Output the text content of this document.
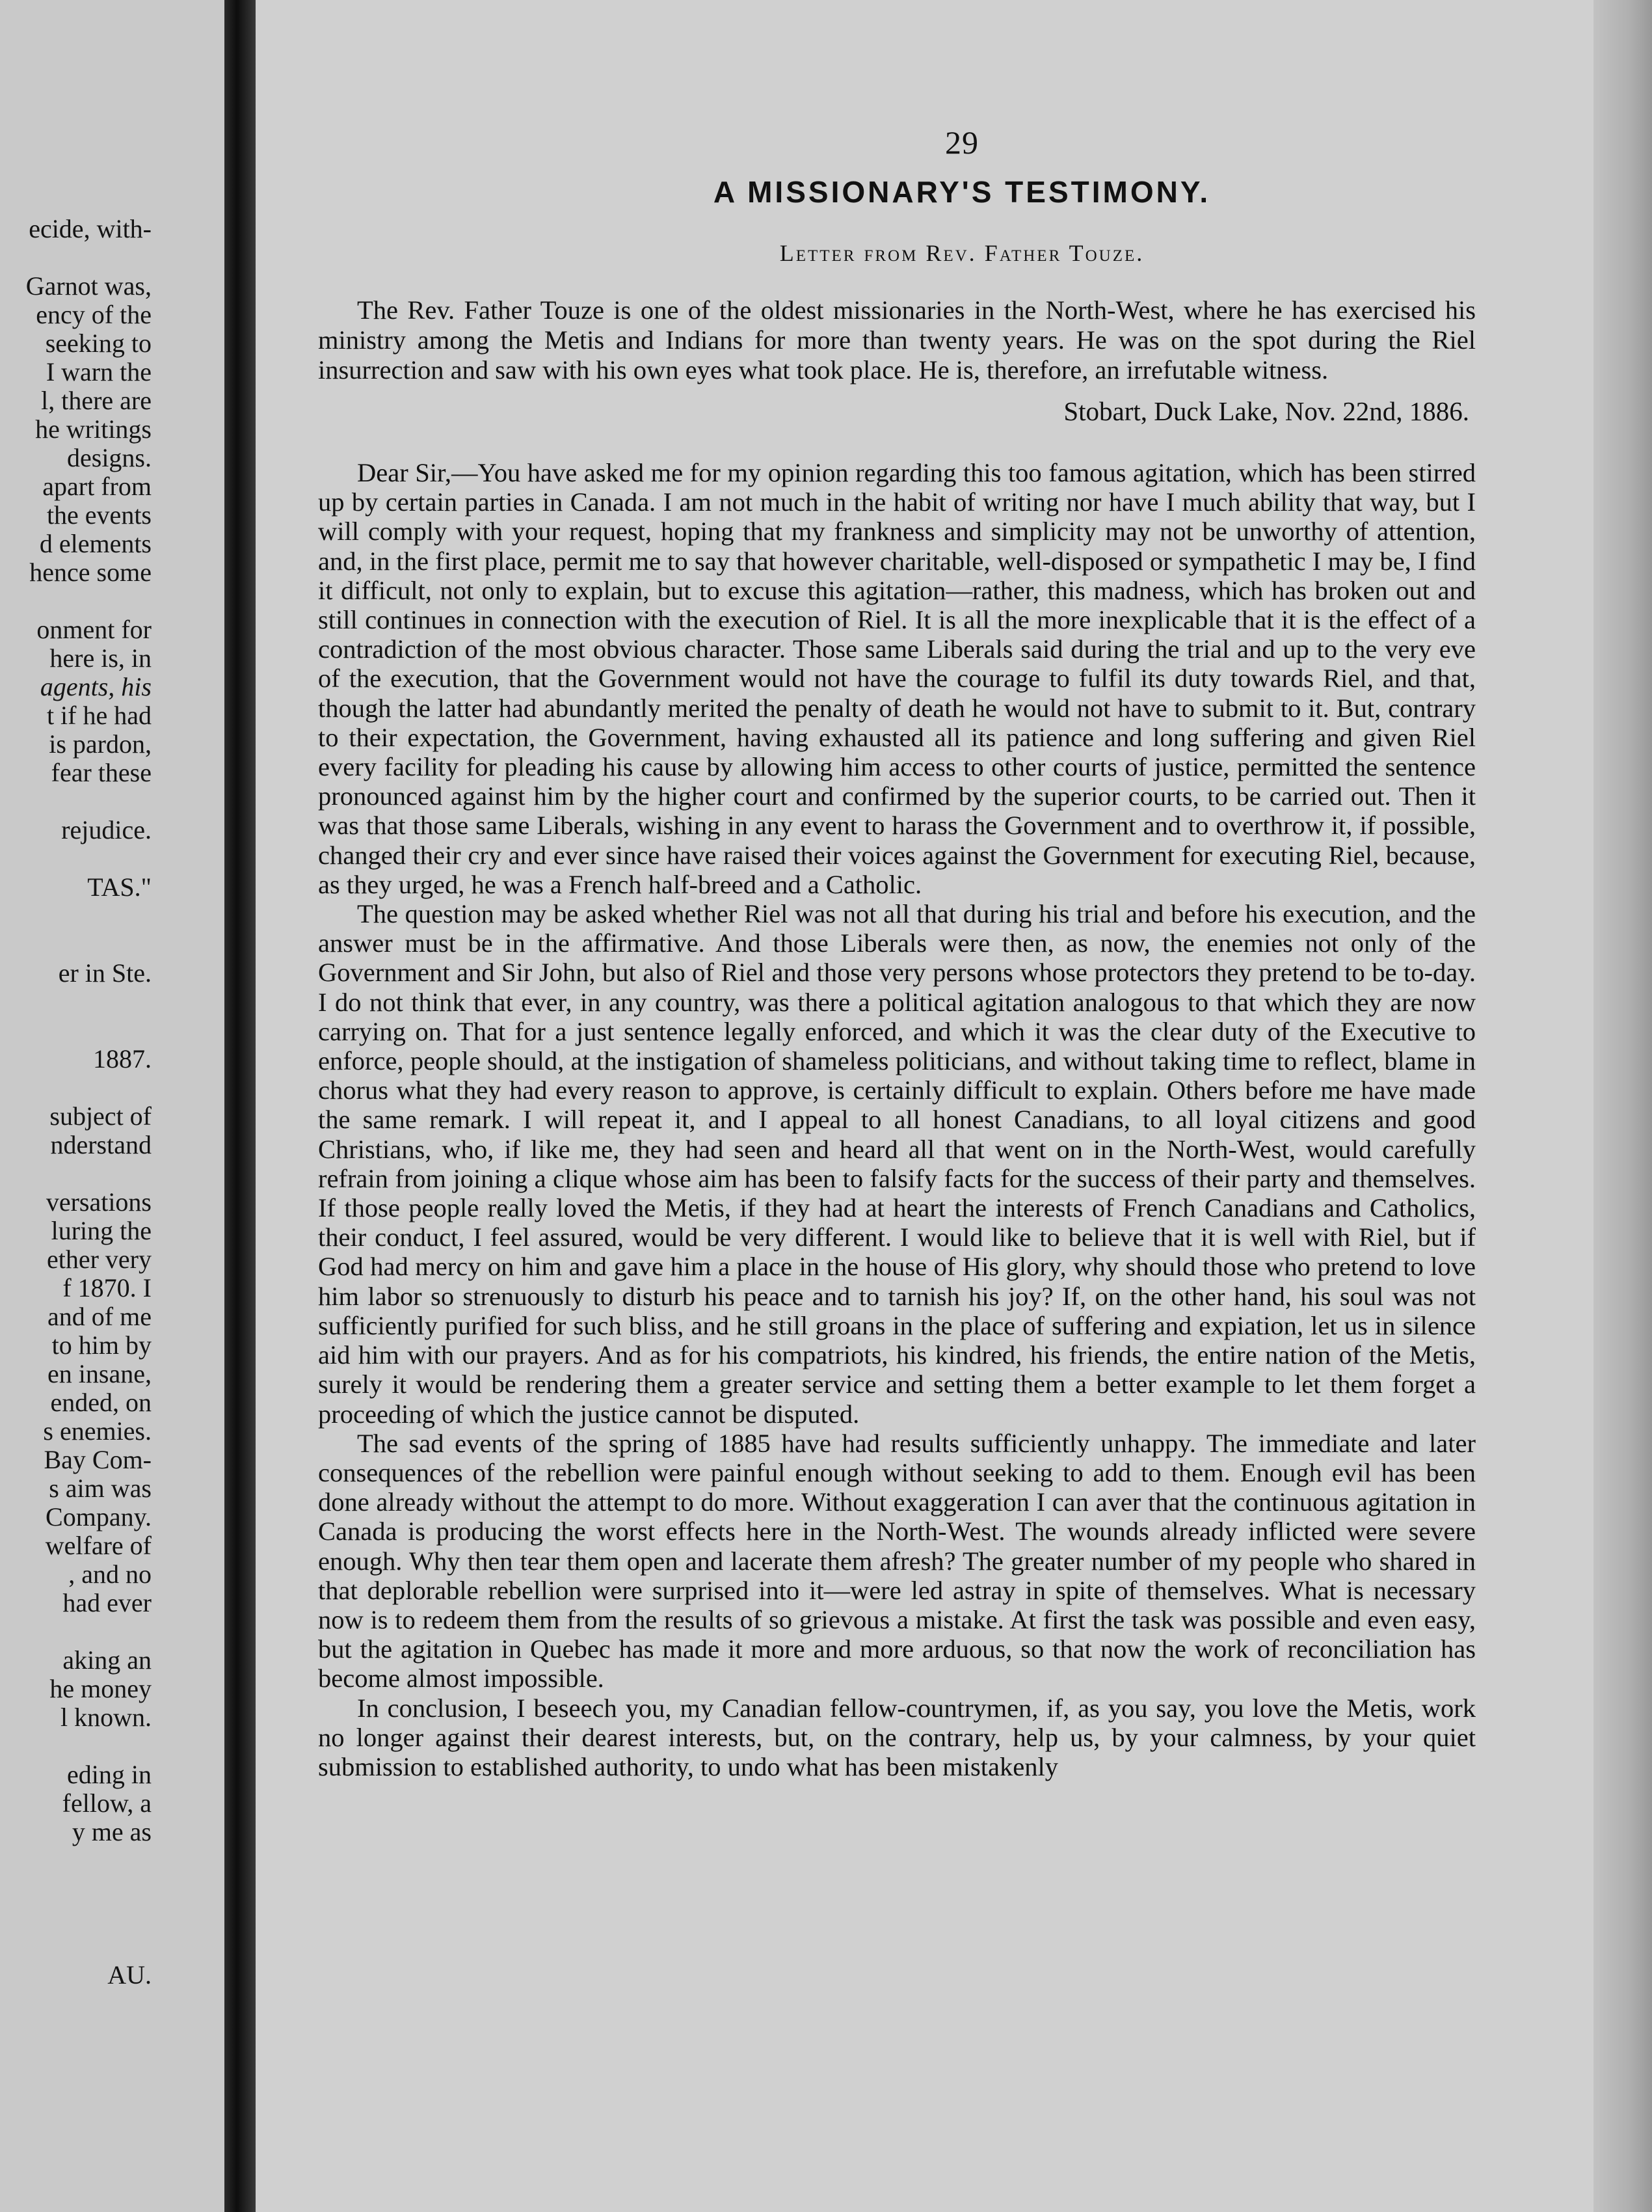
ecide, with-
Garnot was,
ency of the
seeking to
I warn the
l, there are
he writings
designs.
apart from
the events
d elements
hence some
onment for
here is, in
agents, his
t if he had
is pardon,
fear these
rejudice.
TAS."
er in Ste.
1887.
subject of
nderstand
versations
luring the
ether very
f 1870. I
and of me
to him by
en insane,
ended, on
s enemies.
Bay Com-
s aim was
Company.
welfare of
, and no
had ever
aking an
he money
l known.
eding in
fellow, a
y me as
AU.
29
A MISSIONARY'S TESTIMONY.
Letter from Rev. Father Touze.
The Rev. Father Touze is one of the oldest missionaries in the North-West, where he has exercised his ministry among the Metis and Indians for more than twenty years. He was on the spot during the Riel insurrection and saw with his own eyes what took place. He is, therefore, an irrefutable witness.
Stobart, Duck Lake, Nov. 22nd, 1886.

Dear Sir,—You have asked me for my opinion regarding this too famous agitation, which has been stirred up by certain parties in Canada. I am not much in the habit of writing nor have I much ability that way, but I will comply with your request, hoping that my frankness and simplicity may not be unworthy of attention, and, in the first place, permit me to say that however charitable, well-disposed or sympathetic I may be, I find it difficult, not only to explain, but to excuse this agitation—rather, this madness, which has broken out and still continues in connection with the execution of Riel. It is all the more inexplicable that it is the effect of a contradiction of the most obvious character. Those same Liberals said during the trial and up to the very eve of the execution, that the Government would not have the courage to fulfil its duty towards Riel, and that, though the latter had abundantly merited the penalty of death he would not have to submit to it. But, contrary to their expectation, the Government, having exhausted all its patience and long suffering and given Riel every facility for pleading his cause by allowing him access to other courts of justice, permitted the sentence pronounced against him by the higher court and confirmed by the superior courts, to be carried out. Then it was that those same Liberals, wishing in any event to harass the Government and to overthrow it, if possible, changed their cry and ever since have raised their voices against the Government for executing Riel, because, as they urged, he was a French half-breed and a Catholic.

The question may be asked whether Riel was not all that during his trial and before his execution, and the answer must be in the affirmative. And those Liberals were then, as now, the enemies not only of the Government and Sir John, but also of Riel and those very persons whose protectors they pretend to be to-day. I do not think that ever, in any country, was there a political agitation analogous to that which they are now carrying on. That for a just sentence legally enforced, and which it was the clear duty of the Executive to enforce, people should, at the instigation of shameless politicians, and without taking time to reflect, blame in chorus what they had every reason to approve, is certainly difficult to explain. Others before me have made the same remark. I will repeat it, and I appeal to all honest Canadians, to all loyal citizens and good Christians, who, if like me, they had seen and heard all that went on in the North-West, would carefully refrain from joining a clique whose aim has been to falsify facts for the success of their party and themselves. If those people really loved the Metis, if they had at heart the interests of French Canadians and Catholics, their conduct, I feel assured, would be very different. I would like to believe that it is well with Riel, but if God had mercy on him and gave him a place in the house of His glory, why should those who pretend to love him labor so strenuously to disturb his peace and to tarnish his joy? If, on the other hand, his soul was not sufficiently purified for such bliss, and he still groans in the place of suffering and expiation, let us in silence aid him with our prayers. And as for his compatriots, his kindred, his friends, the entire nation of the Metis, surely it would be rendering them a greater service and setting them a better example to let them forget a proceeding of which the justice cannot be disputed.

The sad events of the spring of 1885 have had results sufficiently unhappy. The immediate and later consequences of the rebellion were painful enough without seeking to add to them. Enough evil has been done already without the attempt to do more. Without exaggeration I can aver that the continuous agitation in Canada is producing the worst effects here in the North-West. The wounds already inflicted were severe enough. Why then tear them open and lacerate them afresh? The greater number of my people who shared in that deplorable rebellion were surprised into it—were led astray in spite of themselves. What is necessary now is to redeem them from the results of so grievous a mistake. At first the task was possible and even easy, but the agitation in Quebec has made it more and more arduous, so that now the work of reconciliation has become almost impossible.

In conclusion, I beseech you, my Canadian fellow-countrymen, if, as you say, you love the Metis, work no longer against their dearest interests, but, on the contrary, help us, by your calmness, by your quiet submission to established authority, to undo what has been mistakenly
